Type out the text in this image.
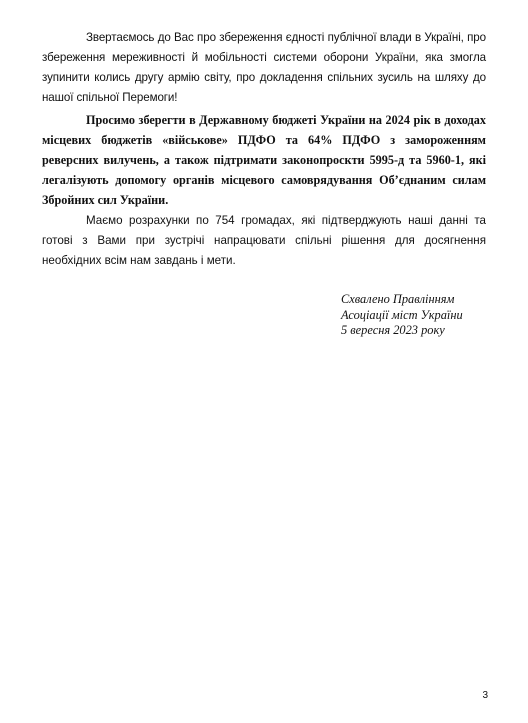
Звертаємось до Вас про збереження єдності публічної влади в Україні, про збереження мереживності й мобільності системи оборони України, яка змогла зупинити колись другу армію світу, про докладення спільних зусиль на шляху до нашої спільної Перемоги!

Просимо зберегти в Державному бюджеті України на 2024 рік в доходах місцевих бюджетів «військове» ПДФО та 64% ПДФО з замороженням реверсних вилучень, а також підтримати законопроскти 5995-д та 5960-1, які легалізують допомогу органів місцевого самоврядування Об’єднаним силам Збройних сил України.

Маємо розрахунки по 754 громадах, які підтверджують наші данні та готові з Вами при зустрічі напрацювати спільні рішення для досягнення необхідних всім нам завдань і мети.

Схвалено Правлінням
Асоціації міст України
5 вересня 2023 року
3
